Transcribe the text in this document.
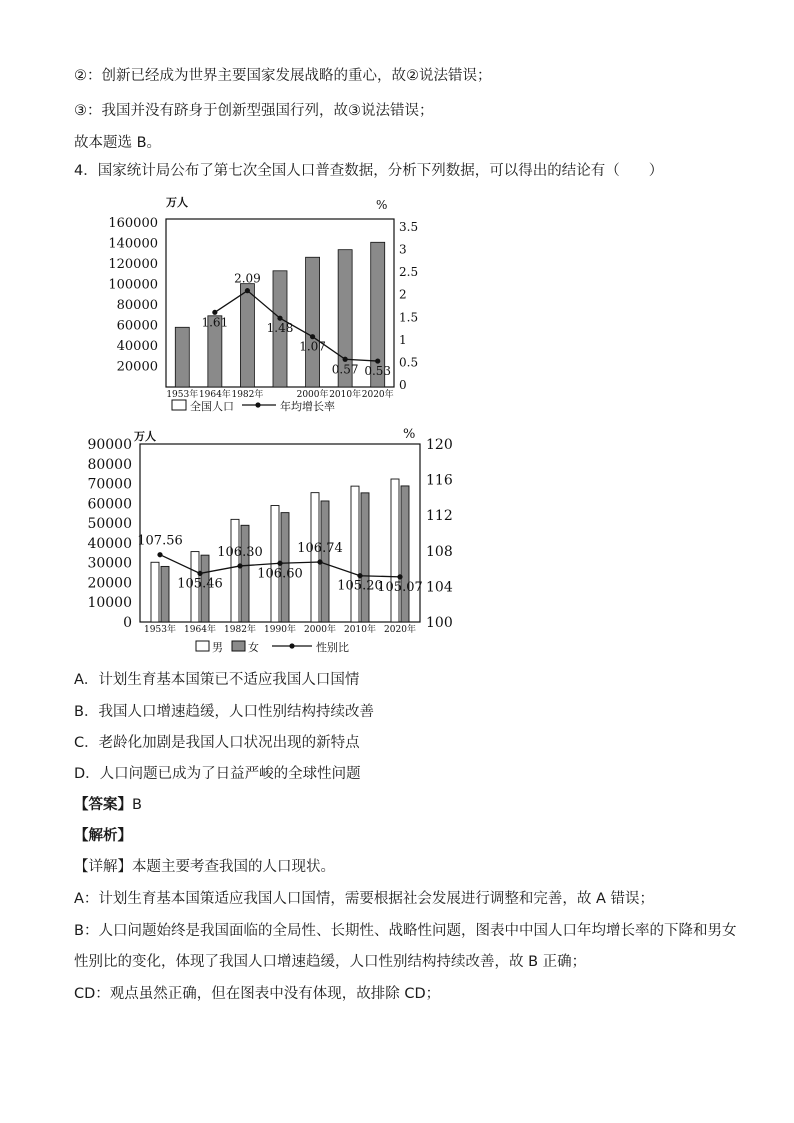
②：创新已经成为世界主要国家发展战略的重心，故②说法错误；
③：我国并没有跻身于创新型强国行列，故③说法错误；
故本题选 B。
4．国家统计局公布了第七次全国人口普查数据，分析下列数据，可以得出的结论有（　　）
万人	%
160000
140000
120000
100000
80000
60000
40000
20000
3.5
3
2.5
2
1.5
1
0.5
0
1.61
2.09
1.48
1.07
0.57 0.53
1953年 1964年 1982年	2000年 2010年 2020年
全国人口	年均增长率
万人	%
90000
80000
70000
60000
50000
40000
30000
20000
10000
0
120
116
112
108
104
100
107.56
105.46
106.30
106.60
106.74
105.20
105.07
1953年 1964年 1982年 1990年 2000年 2010年 2020年
男 女	性别比
A．计划生育基本国策已不适应我国人口国情
B．我国人口增速趋缓，人口性别结构持续改善
C．老龄化加剧是我国人口状况出现的新特点
D．人口问题已成为了日益严峻的全球性问题
【答案】B
【解析】
【详解】本题主要考查我国的人口现状。
A：计划生育基本国策适应我国人口国情，需要根据社会发展进行调整和完善，故 A 错误；
B：人口问题始终是我国面临的全局性、长期性、战略性问题，图表中中国人口年均增长率的下降和男女
性别比的变化，体现了我国人口增速趋缓，人口性别结构持续改善，故 B 正确；
CD：观点虽然正确，但在图表中没有体现，故排除 CD；
